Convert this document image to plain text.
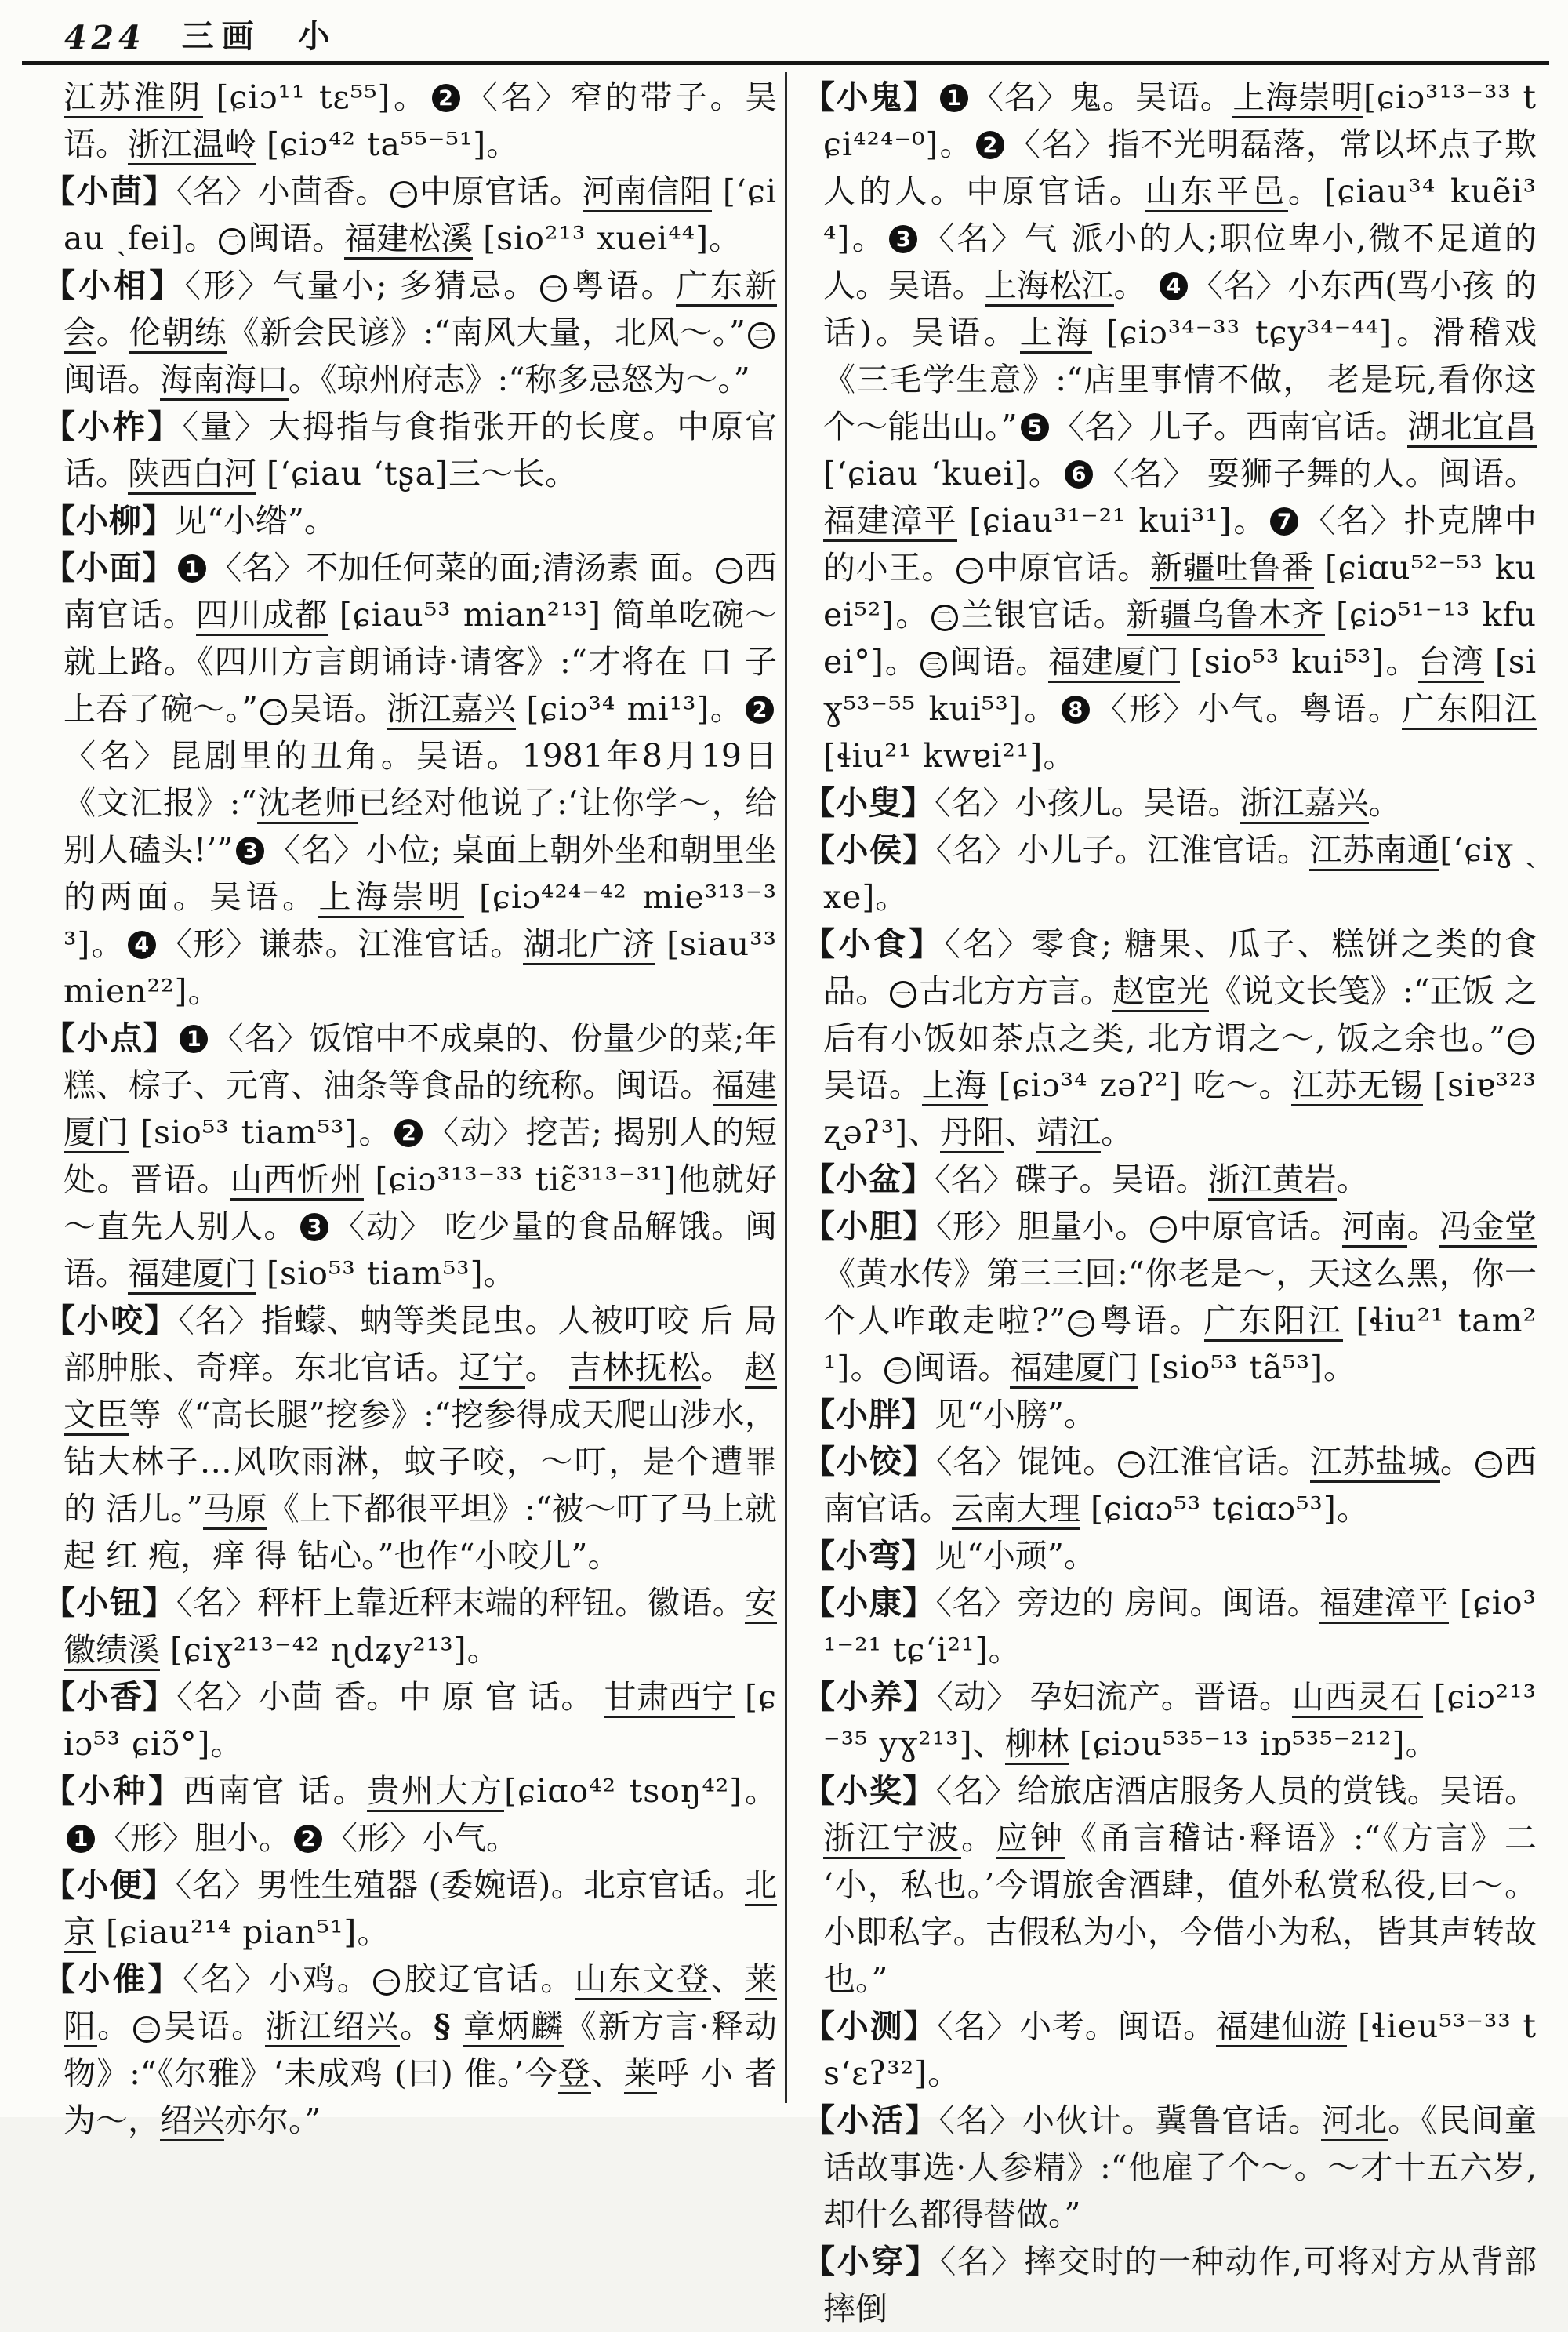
424 三画 小
江苏淮阴 [ɕiɔ¹¹ tɛ⁵⁵]。 2 〈名〉窄的带子。吴语。浙江温岭 [ɕiɔ⁴² ta⁵⁵⁻⁵¹]。
【小茴】〈名〉小茴香。 一 中原官话。河南信阳 [ʻɕiau ˏfei]。 二 闽语。福建松溪 [sio²¹³ xuei⁴⁴]。
【小相】〈形〉气量小; 多猜忌。 一 粤语。广东新会。伦朝练《新会民谚》:“南风大量，北风～。” 二闽语。海南海口。《琼州府志》:“称多忌怒为～。”
【小柞】〈量〉大拇指与食指张开的长度。中原官话。陕西白河 [ʻɕiau ʻtʂa]三～长。
【小柳】见“小绺”。
【小面】 1 〈名〉不加任何菜的面;清汤素 面。 一 西南官话。四川成都 [ɕiau⁵³ mian²¹³] 简单吃碗～就上路。《四川方言朗诵诗·请客》:“才将在 口 子上吞了碗～。” 二 吴语。浙江嘉兴 [ɕiɔ³⁴ mi¹³]。 2〈名〉昆剧里的丑角。吴语。1981年8月19日《文汇报》:“沈老师已经对他说了:‘让你学～，给别人磕头!’” 3 〈名〉小位; 桌面上朝外坐和朝里坐的两面。吴语。上海崇明 [ɕiɔ⁴²⁴⁻⁴² mie³¹³⁻³³]。 4 〈形〉谦恭。江淮官话。湖北广济 [siau³³ mien²²]。
【小点】 1 〈名〉饭馆中不成桌的、份量少的菜;年糕、棕子、元宵、油条等食品的统称。闽语。福建厦门 [sio⁵³ tiam⁵³]。 2 〈动〉挖苦; 揭别人的短处。晋语。山西忻州 [ɕiɔ³¹³⁻³³ tiɛ̃³¹³⁻³¹]他就好～直先人别人。 3 〈动〉 吃少量的食品解饿。闽语。福建厦门 [sio⁵³ tiam⁵³]。
【小咬】〈名〉指蠓、蚋等类昆虫。人被叮咬 后 局部肿胀、奇痒。东北官话。辽宁。 吉林抚松。 赵文臣等《“高长腿”挖参》:“挖参得成天爬山涉水，钻大林子…风吹雨淋，蚊子咬，～叮，是个遭罪 的 活儿。”马原《上下都很平坦》:“被～叮了马上就起 红 疱，痒 得 钻心。”也作“小咬儿”。
【小钮】〈名〉秤杆上靠近秤末端的秤钮。徽语。安徽绩溪 [ɕiɣ²¹³⁻⁴² ɳdʑy²¹³]。
【小香】〈名〉小茴 香。中 原 官 话。 甘肃西宁 [ɕiɔ⁵³ ɕiɔ̃°]。
【小种】西南官 话。贵州大方[ɕiɑo⁴² tsoŋ⁴²]。1 〈形〉胆小。 2 〈形〉小气。
【小便】〈名〉男性生殖器 (委婉语)。北京官话。北京 [ɕiau²¹⁴ pian⁵¹]。
【小倠】〈名〉小鸡。 一 胶辽官话。山东文登、莱阳。 二 吴语。浙江绍兴。§ 章炳麟《新方言·释动物》:“《尔雅》‘未成鸡 (曰) 倠。’今登、莱呼 小 者为～，绍兴亦尔。”
【小鬼】 1 〈名〉鬼。吴语。上海崇明[ɕiɔ³¹³⁻³³ tɕi⁴²⁴⁻⁰]。 2 〈名〉指不光明磊落，常以坏点子欺人的人。中原官话。山东平邑。[ɕiau³⁴ kuẽi³⁴]。 3 〈名〉气 派小的人;职位卑小,微不足道的人。吴语。上海松江。 4 〈名〉小东西(骂小孩 的话)。吴语。上海 [ɕiɔ³⁴⁻³³ tɕy³⁴⁻⁴⁴]。滑稽戏《三毛学生意》:“店里事情不做， 老是玩,看你这个～能出山。” 5 〈名〉儿子。西南官话。湖北宜昌 [ʻɕiau ʻkuei]。 6 〈名〉 耍狮子舞的人。闽语。福建漳平 [ɕiau³¹⁻²¹ kui³¹]。 7 〈名〉扑克牌中的小王。 一 中原官话。新疆吐鲁番 [ɕiɑu⁵²⁻⁵³ kuei⁵²]。 二 兰银官话。新疆乌鲁木齐 [ɕiɔ⁵¹⁻¹³ kfuei°]。 三 闽语。福建厦门 [sio⁵³ kui⁵³]。台湾 [siɣ⁵³⁻⁵⁵ kui⁵³]。 8 〈形〉小气。粤语。广东阳江 [ɬiu²¹ kwɐi²¹]。
【小叟】〈名〉小孩儿。吴语。浙江嘉兴。
【小侯】〈名〉小儿子。江淮官话。江苏南通[ʻɕiɣ ˏxe]。
【小食】〈名〉零食; 糖果、瓜子、糕饼之类的食品。 一 古北方方言。赵宦光《说文长笺》:“正饭 之 后有小饭如茶点之类, 北方谓之～, 饭之余也。” 二吴语。上海 [ɕiɔ³⁴ zəʔ²] 吃～。江苏无锡 [siɐ³²³ ʐəʔ³]、丹阳、靖江。
【小盆】〈名〉碟子。吴语。浙江黄岩。
【小胆】〈形〉胆量小。 一 中原官话。河南。冯金堂《黄水传》第三三回:“你老是～，天这么黑，你一个人咋敢走啦?” 二 粤语。广东阳江 [ɬiu²¹ tam²¹]。 三 闽语。福建厦门 [sio⁵³ tã⁵³]。
【小胖】见“小膀”。
【小饺】〈名〉馄饨。 一 江淮官话。江苏盐城。 二 西南官话。云南大理 [ɕiɑɔ⁵³ tɕiɑɔ⁵³]。
【小弯】见“小顽”。
【小康】〈名〉旁边的 房间。闽语。福建漳平 [ɕio³¹⁻²¹ tɕ‘i²¹]。
【小养】〈动〉 孕妇流产。晋语。山西灵石 [ɕiɔ²¹³⁻³⁵ yɣ²¹³]、柳林 [ɕiɔu⁵³⁵⁻¹³ iɒ⁵³⁵⁻²¹²]。
【小奖】〈名〉给旅店酒店服务人员的赏钱。吴语。浙江宁波。应钟《甬言稽诂·释语》:“《方言》二 ‘小，私也。’今谓旅舍酒肆，值外私赏私役,曰～。小即私字。古假私为小，今借小为私，皆其声转故也。”
【小测】〈名〉小考。闽语。福建仙游 [ɬieu⁵³⁻³³ ts‘ɛʔ³²]。
【小活】〈名〉小伙计。冀鲁官话。河北。《民间童话故事选·人参精》:“他雇了个～。～才十五六岁,却什么都得替做。”
【小穿】〈名〉摔交时的一种动作,可将对方从背部摔倒
